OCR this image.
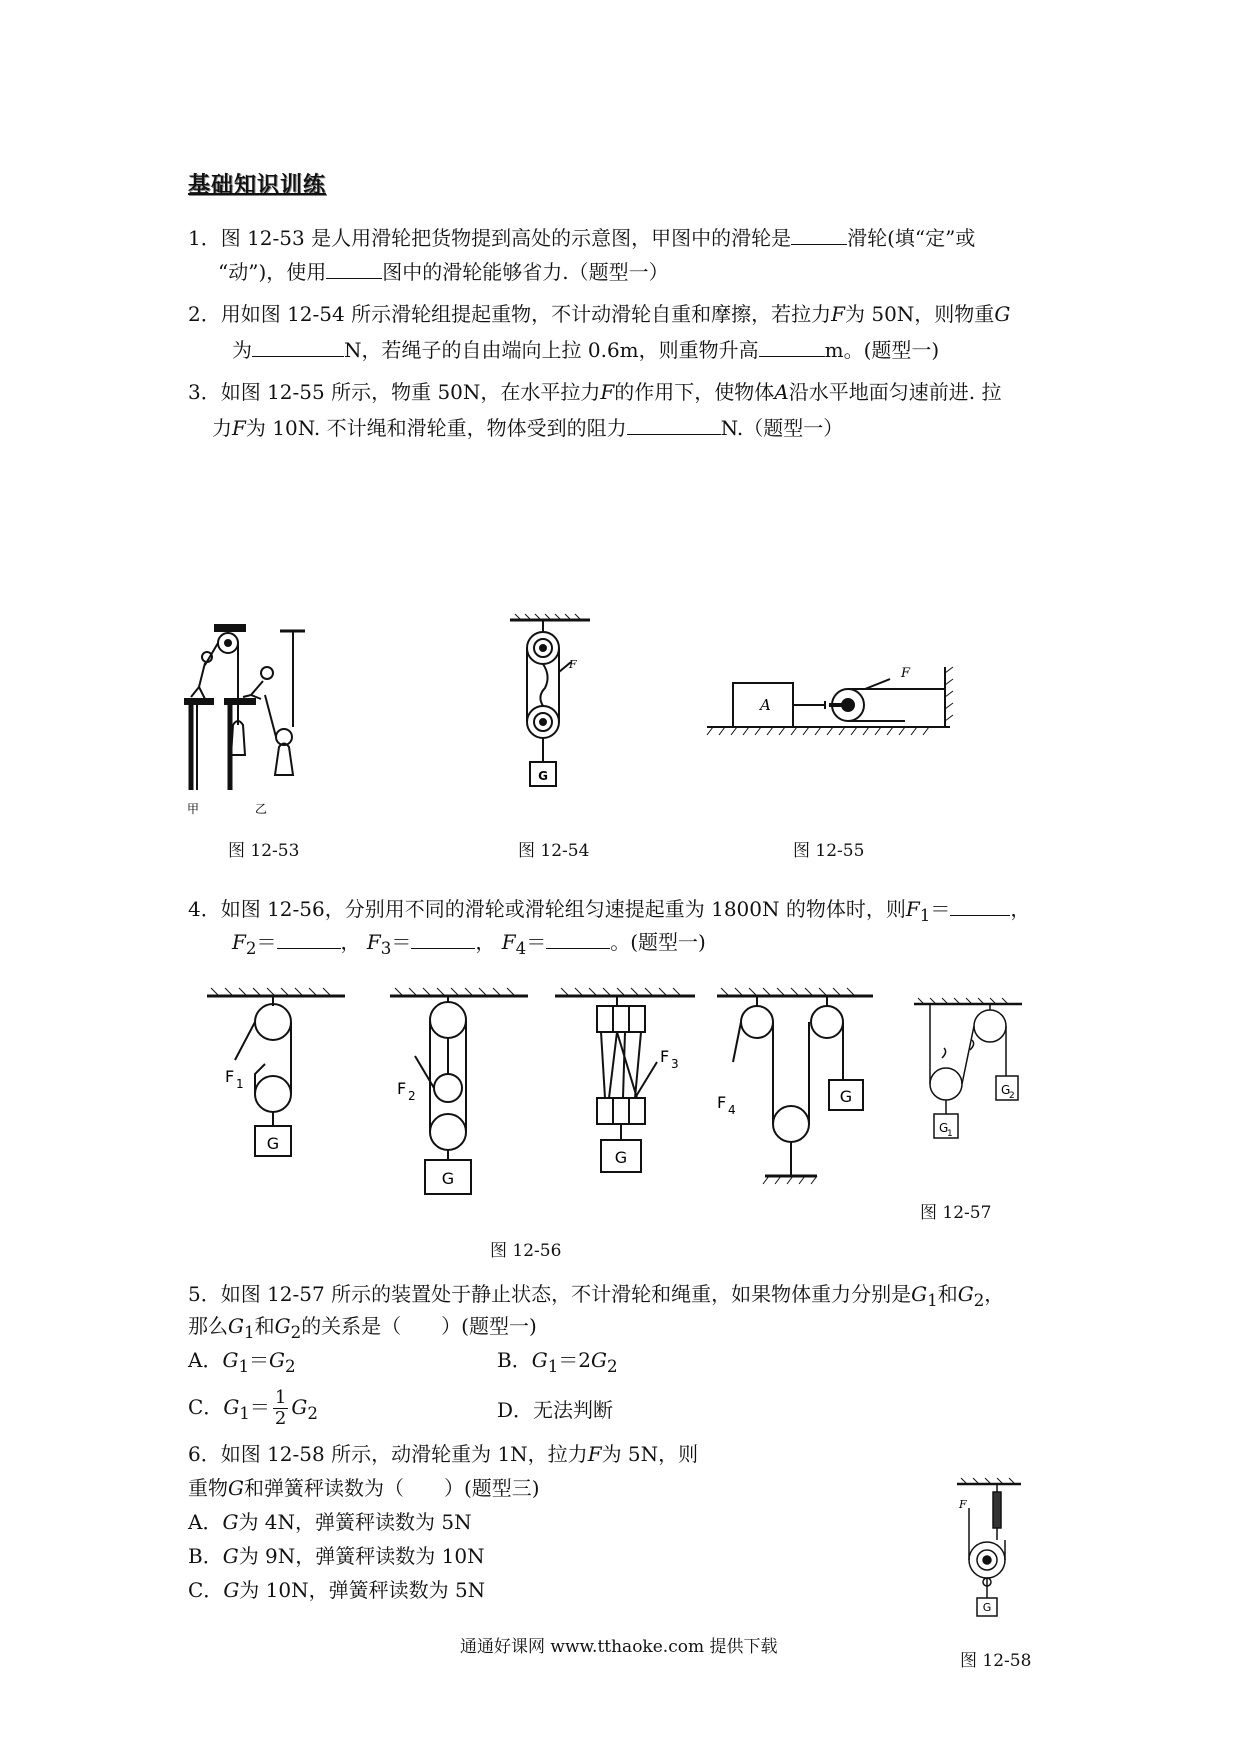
基础知识训练
1．图 12-53 是人用滑轮把货物提到高处的示意图，甲图中的滑轮是	滑轮(填“定”或
“动”)，使用	图中的滑轮能够省力.（题型一）
2．用如图 12-54 所示滑轮组提起重物，不计动滑轮自重和摩擦，若拉力F为 50N，则物重G
为	N，若绳子的自由端向上拉 0.6m，则重物升高	m。(题型一)
3．如图 12-55 所示，物重 50N，在水平拉力F的作用下，使物体A沿水平地面匀速前进. 拉
力F为 10N. 不计绳和滑轮重，物体受到的阻力	N.（题型一）
甲	乙
图 12-53
G
F
图 12-54
A
F
图 12-55
4．如图 12-56，分别用不同的滑轮或滑轮组匀速提起重为 1800N 的物体时，则$F_1=$	，
$F_2=$	， $F_3=$	， $F_4=$	。(题型一)
F 1
G
F 2
G
F 3
G
F 4
G
图 12-56
G
2
G
1
图 12-57
5．如图 12-57 所示的装置处于静止状态，不计滑轮和绳重，如果物体重力分别是$G_1$和$G_2$，
那么$G_1$和$G_2$的关系是（　　）(题型一)
A．$G_1=G_2$	B．$G_1=2G_2$
C．$G_1= \frac{1}{2} G_2$	D．无法判断
6．如图 12-58 所示，动滑轮重为 1N，拉力F为 5N，则
重物G和弹簧秤读数为（　　）(题型三)
A．G为 4N，弹簧秤读数为 5N
B．G为 9N，弹簧秤读数为 10N
C．G为 10N，弹簧秤读数为 5N
F
G
图 12-58
通通好课网 www.tthaoke.com 提供下载
